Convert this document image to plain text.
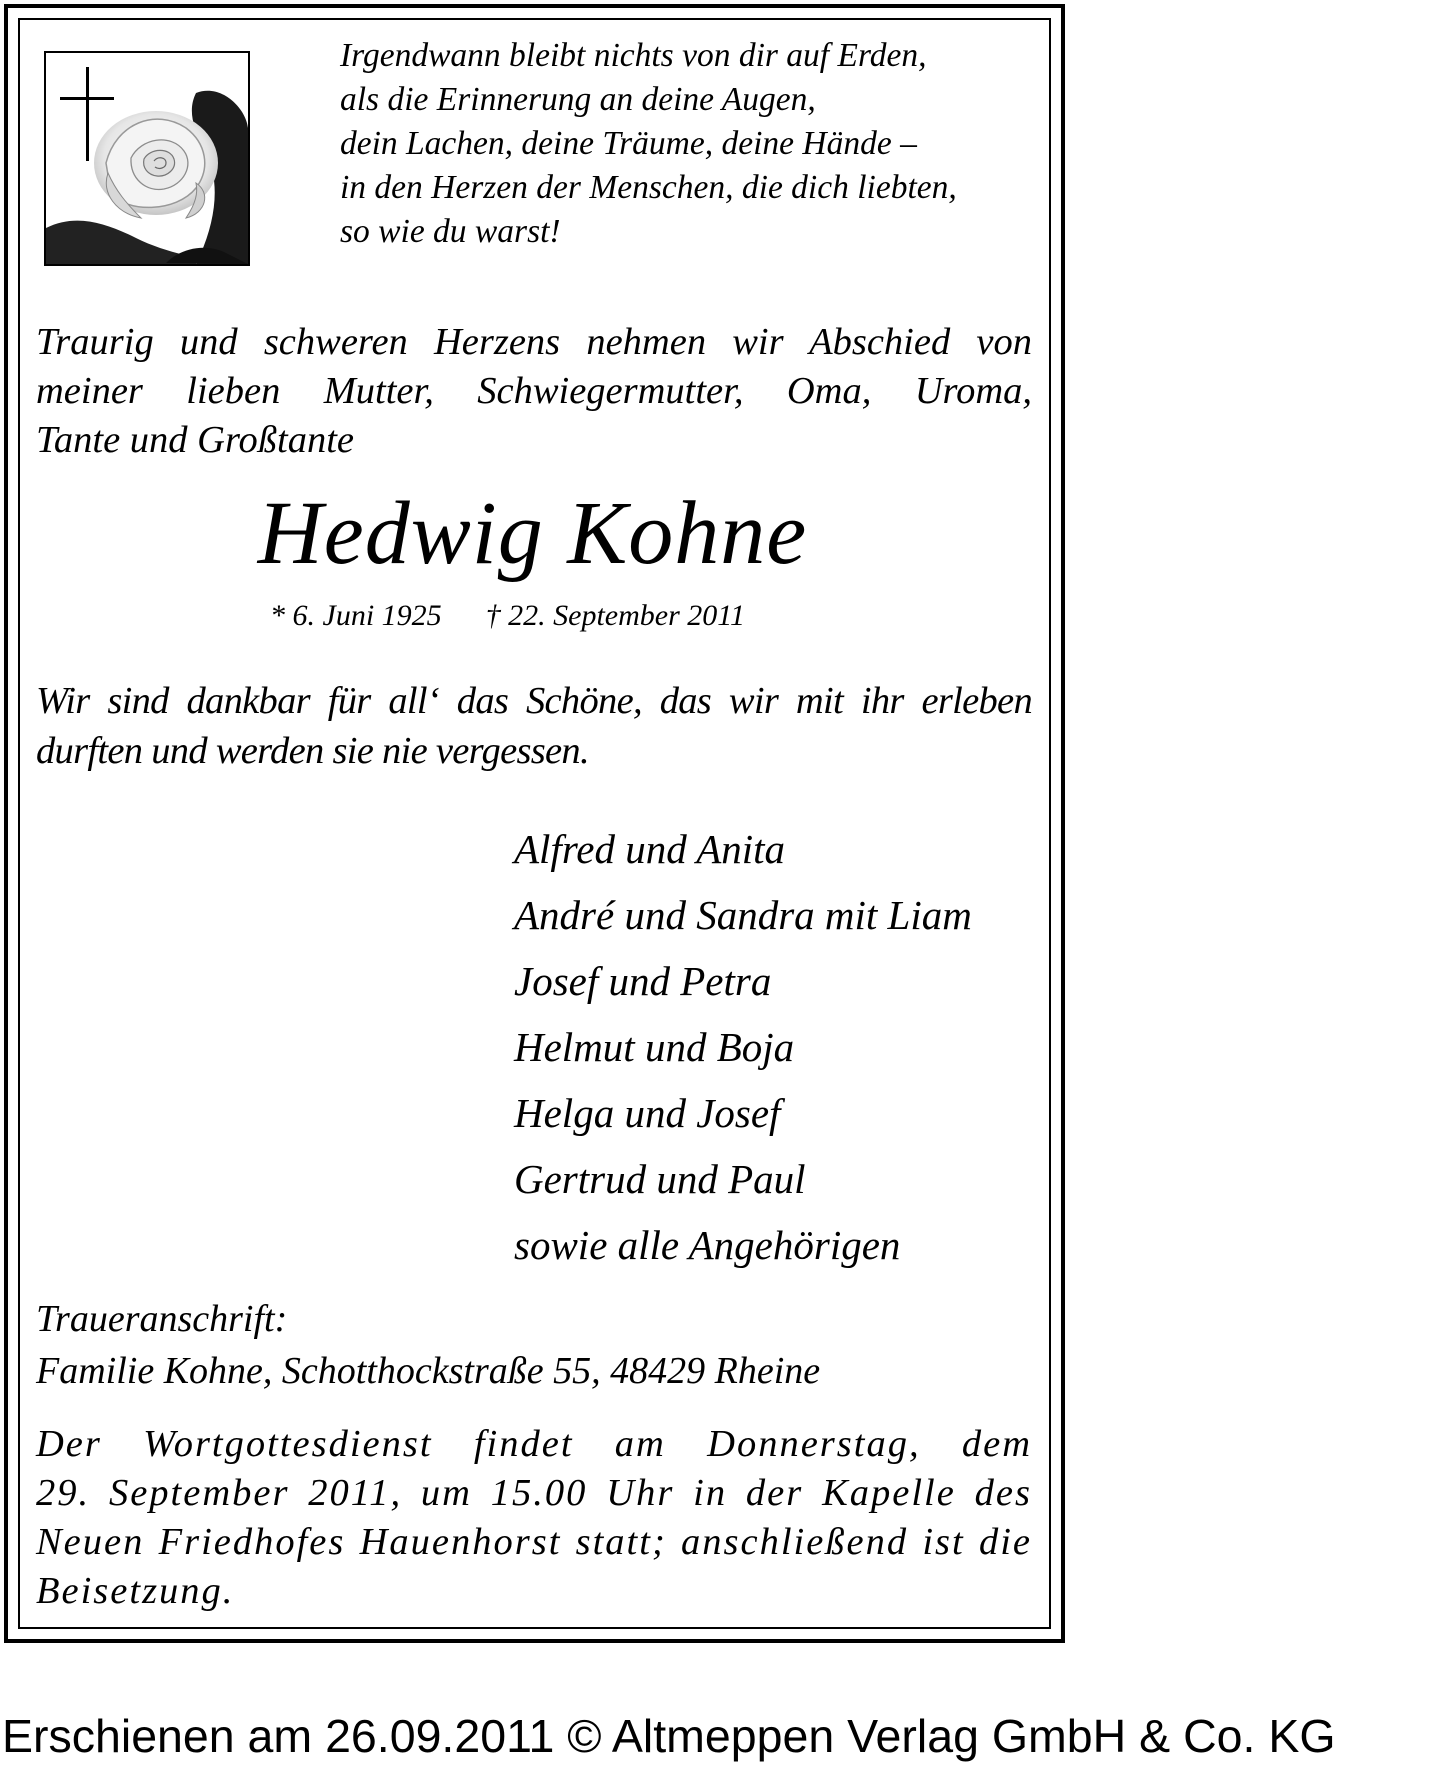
Irgendwann bleibt nichts von dir auf Erden,
als die Erinnerung an deine Augen,
dein Lachen, deine Träume, deine Hände –
in den Herzen der Menschen, die dich liebten,
so wie du warst!
Traurig und schweren Herzens nehmen wir Abschied von
meiner lieben Mutter, Schwiegermutter, Oma, Uroma,
Tante und Großtante
Hedwig Kohne
* 6. Juni 1925 † 22. September 2011
Wir sind dankbar für all‘ das Schöne, das wir mit ihr erleben
durften und werden sie nie vergessen.
Alfred und Anita
André und Sandra mit Liam
Josef und Petra
Helmut und Boja
Helga und Josef
Gertrud und Paul
sowie alle Angehörigen
Traueranschrift:
Familie Kohne, Schotthockstraße 55, 48429 Rheine
Der Wortgottesdienst findet am Donnerstag, dem
29. September 2011, um 15.00 Uhr in der Kapelle des
Neuen Friedhofes Hauenhorst statt; anschließend ist die
Beisetzung.
Erschienen am 26.09.2011 © Altmeppen Verlag GmbH & Co. KG
